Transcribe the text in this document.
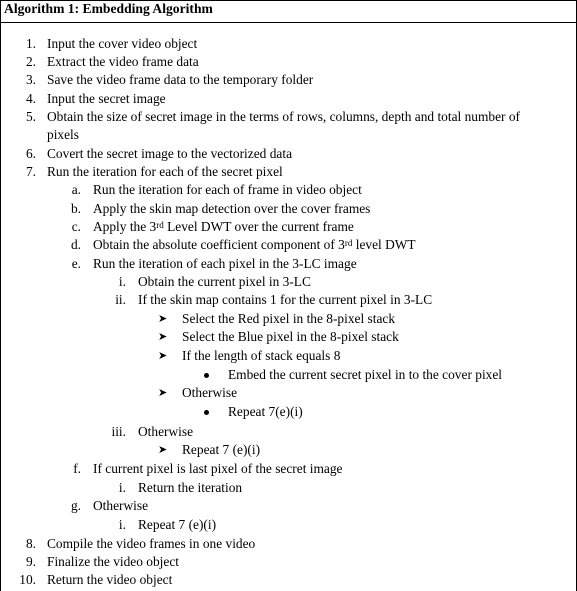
Algorithm 1: Embedding Algorithm
1. Input the cover video object
2. Extract the video frame data
3. Save the video frame data to the temporary folder
4. Input the secret image
5. Obtain the size of secret image in the terms of rows, columns, depth and total number of
pixels
6. Covert the secret image to the vectorized data
7. Run the iteration for each of the secret pixel
a. Run the iteration for each of frame in video object
b. Apply the skin map detection over the cover frames
c. Apply the 3rd Level DWT over the current frame
d. Obtain the absolute coefficient component of 3rd level DWT
e. Run the iteration of each pixel in the 3-LC image
i. Obtain the current pixel in 3-LC
ii. If the skin map contains 1 for the current pixel in 3-LC
➤ Select the Red pixel in the 8-pixel stack
➤ Select the Blue pixel in the 8-pixel stack
➤ If the length of stack equals 8
Embed the current secret pixel in to the cover pixel
➤ Otherwise
Repeat 7(e)(i)
iii. Otherwise
➤ Repeat 7 (e)(i)
f. If current pixel is last pixel of the secret image
i. Return the iteration
g. Otherwise
i. Repeat 7 (e)(i)
8. Compile the video frames in one video
9. Finalize the video object
10. Return the video object
